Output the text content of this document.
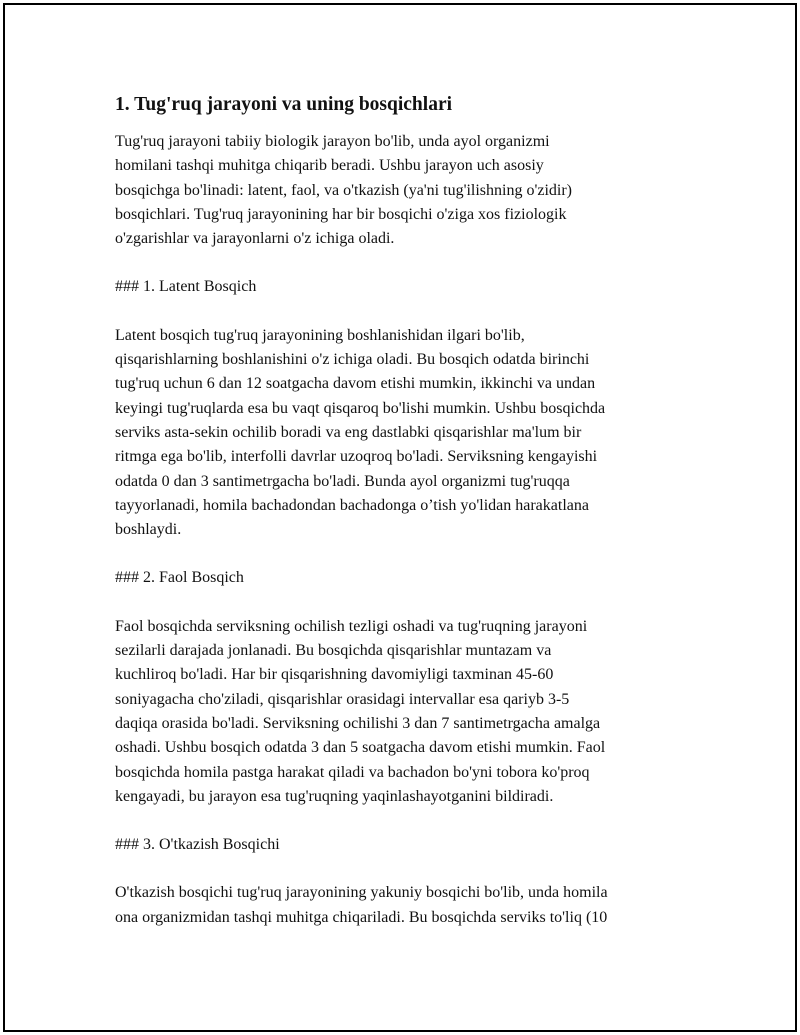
1. Tug'ruq jarayoni va uning bosqichlari
Tug'ruq jarayoni tabiiy biologik jarayon bo'lib, unda ayol organizmi
homilani tashqi muhitga chiqarib beradi. Ushbu jarayon uch asosiy
bosqichga bo'linadi: latent, faol, va o'tkazish (ya'ni tug'ilishning o'zidir)
bosqichlari. Tug'ruq jarayonining har bir bosqichi o'ziga xos fiziologik
o'zgarishlar va jarayonlarni o'z ichiga oladi.
### 1. Latent Bosqich
Latent bosqich tug'ruq jarayonining boshlanishidan ilgari bo'lib,
qisqarishlarning boshlanishini o'z ichiga oladi. Bu bosqich odatda birinchi
tug'ruq uchun 6 dan 12 soatgacha davom etishi mumkin, ikkinchi va undan
keyingi tug'ruqlarda esa bu vaqt qisqaroq bo'lishi mumkin. Ushbu bosqichda
serviks asta-sekin ochilib boradi va eng dastlabki qisqarishlar ma'lum bir
ritmga ega bo'lib, interfolli davrlar uzoqroq bo'ladi. Serviksning kengayishi
odatda 0 dan 3 santimetrgacha bo'ladi. Bunda ayol organizmi tug'ruqqa
tayyorlanadi, homila bachadondan bachadonga o’tish yo'lidan harakatlana
boshlaydi.
### 2. Faol Bosqich
Faol bosqichda serviksning ochilish tezligi oshadi va tug'ruqning jarayoni
sezilarli darajada jonlanadi. Bu bosqichda qisqarishlar muntazam va
kuchliroq bo'ladi. Har bir qisqarishning davomiyligi taxminan 45-60
soniyagacha cho'ziladi, qisqarishlar orasidagi intervallar esa qariyb 3-5
daqiqa orasida bo'ladi. Serviksning ochilishi 3 dan 7 santimetrgacha amalga
oshadi. Ushbu bosqich odatda 3 dan 5 soatgacha davom etishi mumkin. Faol
bosqichda homila pastga harakat qiladi va bachadon bo'yni tobora ko'proq
kengayadi, bu jarayon esa tug'ruqning yaqinlashayotganini bildiradi.
### 3. O'tkazish Bosqichi
O'tkazish bosqichi tug'ruq jarayonining yakuniy bosqichi bo'lib, unda homila
ona organizmidan tashqi muhitga chiqariladi. Bu bosqichda serviks to'liq (10
